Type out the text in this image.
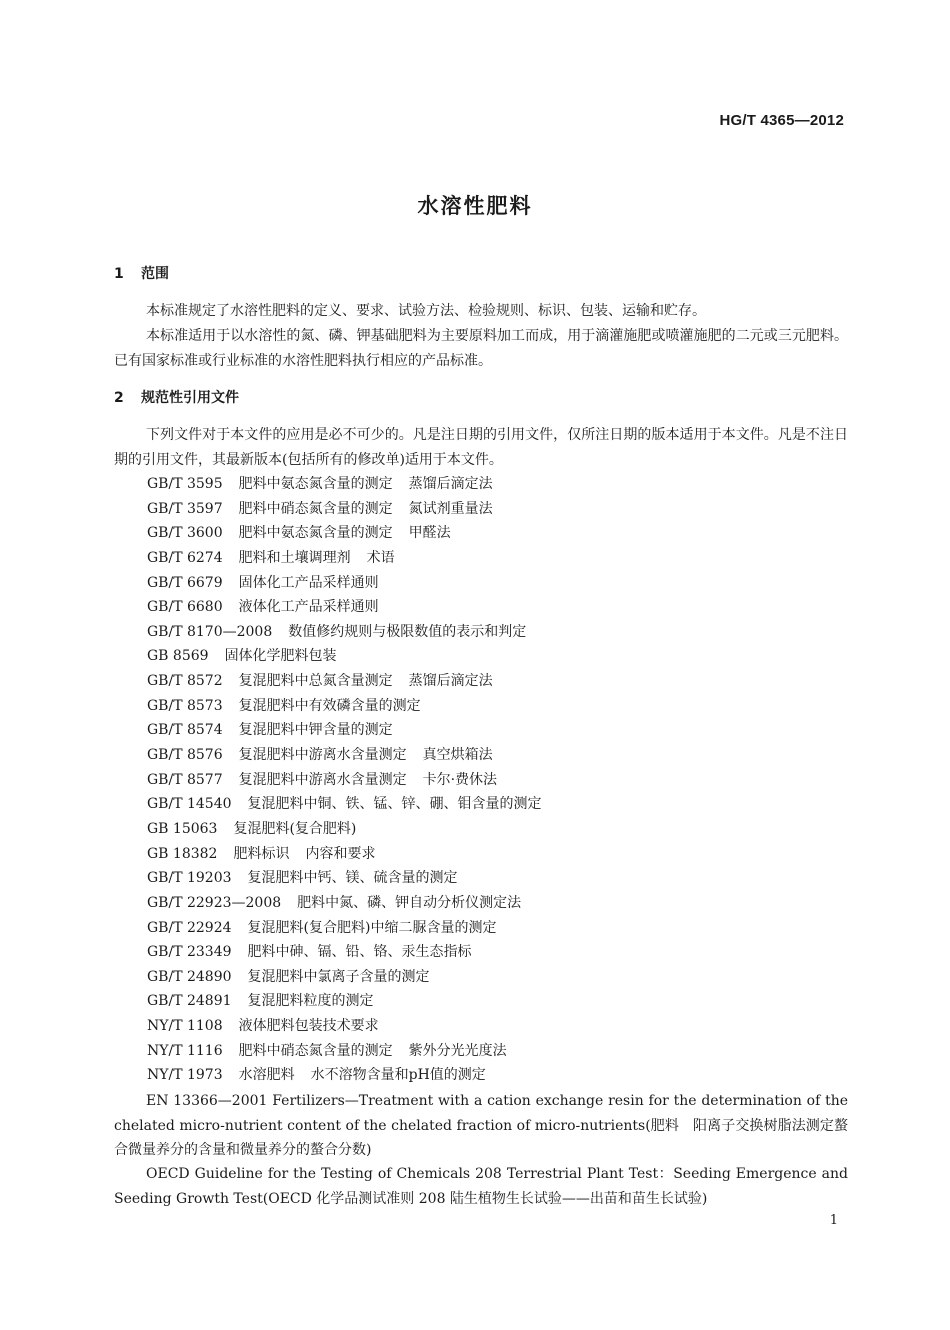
HG/T 4365—2012
水溶性肥料
1 范围

本标准规定了水溶性肥料的定义、要求、试验方法、检验规则、标识、包装、运输和贮存。

本标准适用于以水溶性的氮、磷、钾基础肥料为主要原料加工而成，用于滴灌施肥或喷灌施肥的二元或三元肥料。已有国家标准或行业标准的水溶性肥料执行相应的产品标准。

2 规范性引用文件

下列文件对于本文件的应用是必不可少的。凡是注日期的引用文件，仅所注日期的版本适用于本文件。凡是不注日期的引用文件，其最新版本(包括所有的修改单)适用于本文件。

GB/T 3595 肥料中氨态氮含量的测定 蒸馏后滴定法
GB/T 3597 肥料中硝态氮含量的测定 氮试剂重量法
GB/T 3600 肥料中氨态氮含量的测定 甲醛法
GB/T 6274 肥料和土壤调理剂 术语
GB/T 6679 固体化工产品采样通则
GB/T 6680 液体化工产品采样通则
GB/T 8170—2008 数值修约规则与极限数值的表示和判定
GB 8569 固体化学肥料包装
GB/T 8572 复混肥料中总氮含量测定 蒸馏后滴定法
GB/T 8573 复混肥料中有效磷含量的测定
GB/T 8574 复混肥料中钾含量的测定
GB/T 8576 复混肥料中游离水含量测定 真空烘箱法
GB/T 8577 复混肥料中游离水含量测定 卡尔·费休法
GB/T 14540 复混肥料中铜、铁、锰、锌、硼、钼含量的测定
GB 15063 复混肥料(复合肥料)
GB 18382 肥料标识 内容和要求
GB/T 19203 复混肥料中钙、镁、硫含量的测定
GB/T 22923—2008 肥料中氮、磷、钾自动分析仪测定法
GB/T 22924 复混肥料(复合肥料)中缩二脲含量的测定
GB/T 23349 肥料中砷、镉、铅、铬、汞生态指标
GB/T 24890 复混肥料中氯离子含量的测定
GB/T 24891 复混肥料粒度的测定
NY/T 1108 液体肥料包装技术要求
NY/T 1116 肥料中硝态氮含量的测定 紫外分光光度法
NY/T 1973 水溶肥料 水不溶物含量和pH值的测定

EN 13366—2001 Fertilizers—Treatment with a cation exchange resin for the determination of the chelated micro-nutrient content of the chelated fraction of micro-nutrients(肥料　阳离子交换树脂法测定螯合微量养分的含量和微量养分的螯合分数)

OECD Guideline for the Testing of Chemicals 208 Terrestrial Plant Test：Seeding Emergence and Seeding Growth Test(OECD 化学品测试准则 208 陆生植物生长试验——出苗和苗生长试验)

1
